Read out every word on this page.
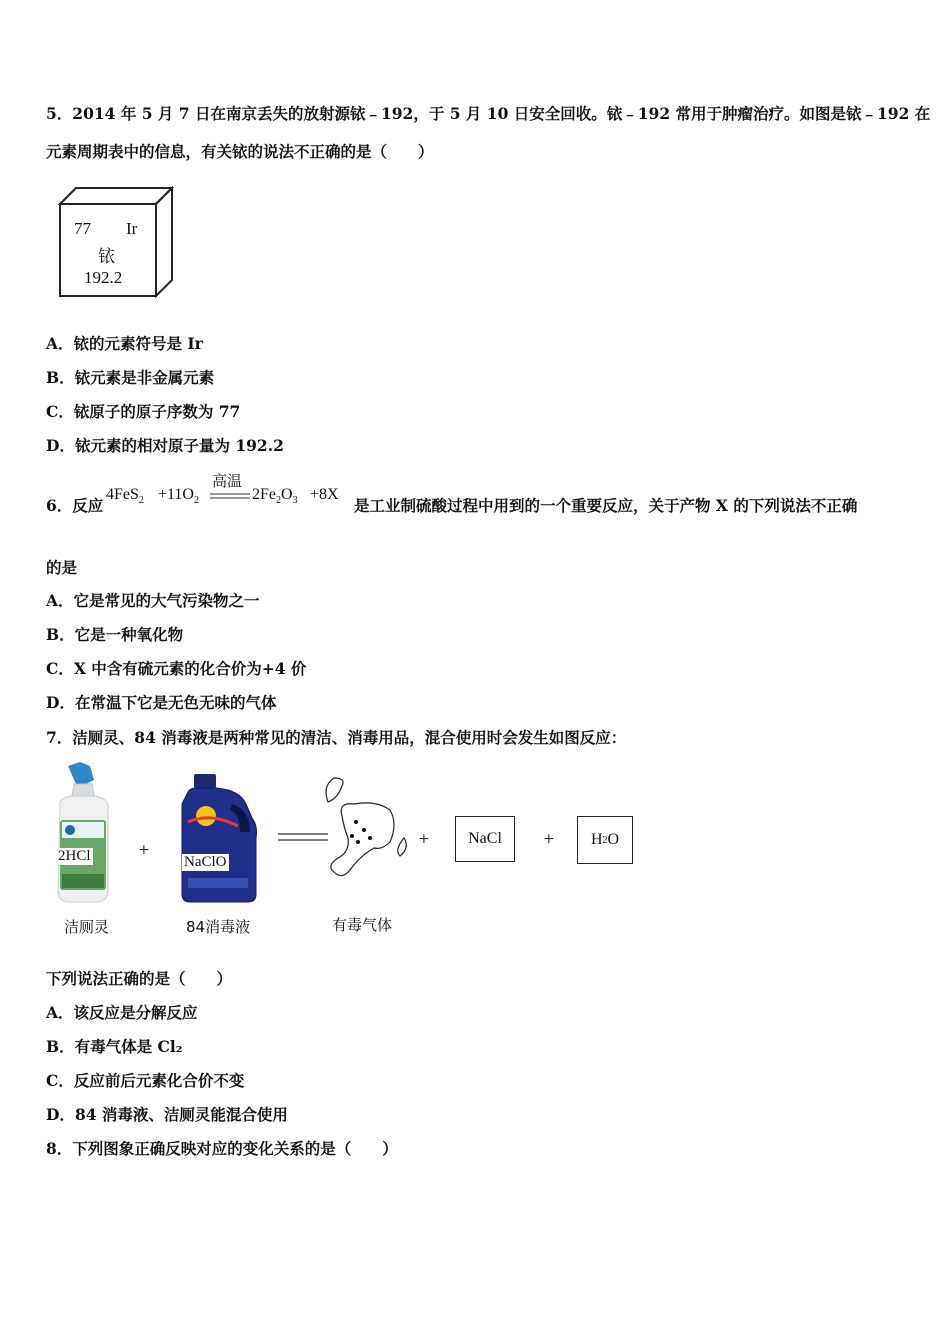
5．2014 年 5 月 7 日在南京丢失的放射源铱﹣192，于 5 月 10 日安全回收。铱﹣192 常用于肿瘤治疗。如图是铱﹣192 在
元素周期表中的信息，有关铱的说法不正确的是（　　）
77 Ir
铱
192.2
A．铱的元素符号是 Ir
B．铱元素是非金属元素
C．铱原子的原子序数为 77
D．铱元素的相对原子量为 192.2
6．反应
高温
$4FeS_2 +11O_2$	$2Fe_2O_3 +8X$
是工业制硫酸过程中用到的一个重要反应，关于产物 X 的下列说法不正确
的是
A．它是常见的大气污染物之一
B．它是一种氧化物
C．X 中含有硫元素的化合价为+4 价
D．在常温下它是无色无味的气体
7．洁厕灵、84 消毒液是两种常见的清洁、消毒用品，混合使用时会发生如图反应：
2HCl
洁厕灵
+
NaClO
84消毒液	有毒气体
+	NaCl	+ H 2 O
下列说法正确的是（　　）
A．该反应是分解反应
B．有毒气体是 Cl₂
C．反应前后元素化合价不变
D．84 消毒液、洁厕灵能混合使用
8．下列图象正确反映对应的变化关系的是（　　）
